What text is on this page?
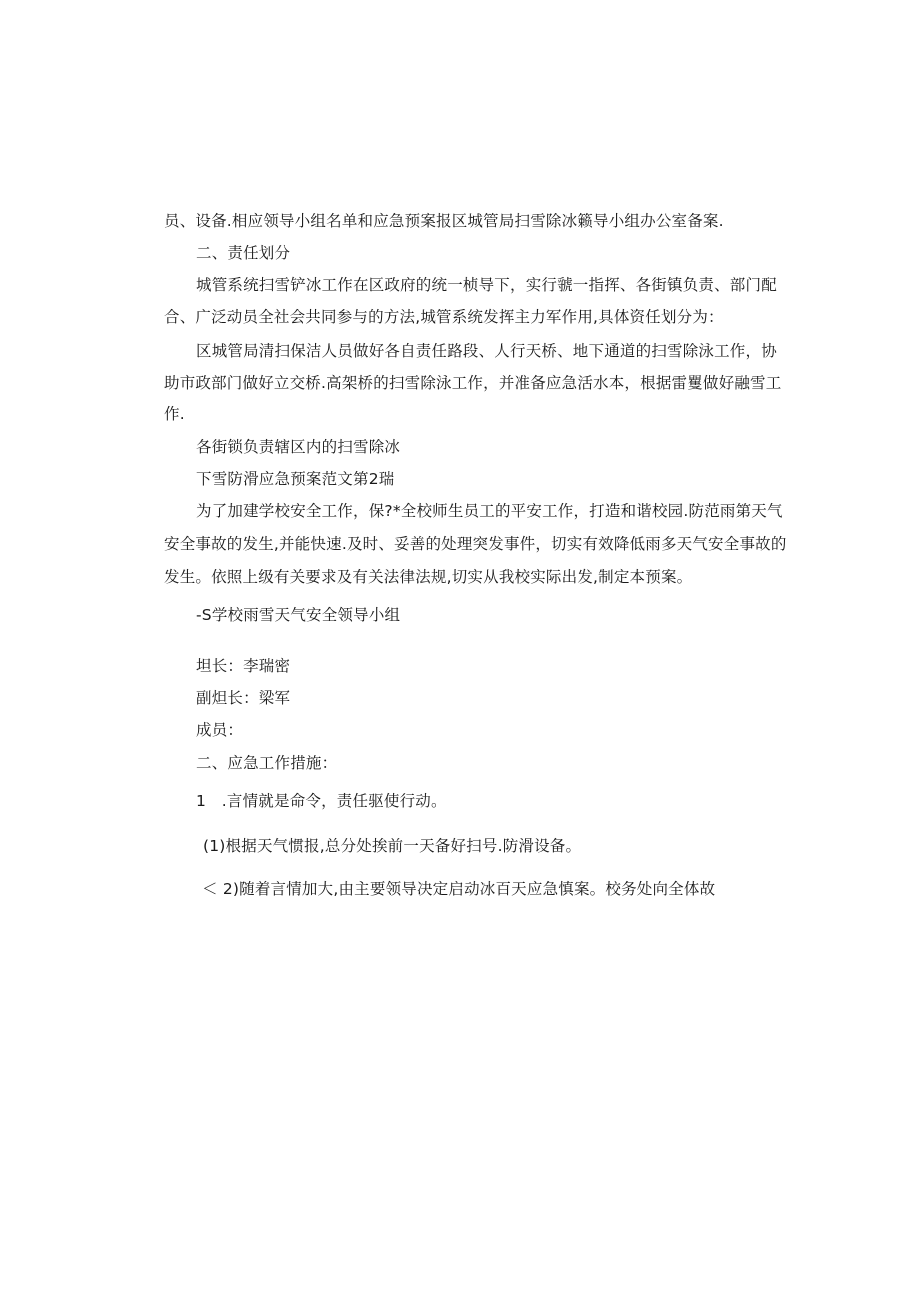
员、设备.相应领导小组名单和应急预案报区城管局扫雪除冰籁导小组办公室备案.
二、责任划分
城管系统扫雪铲冰工作在区政府的统一桢导下，实行虢一指挥、各街镇负责、部门配
合、广泛动员全社会共同参与的方法,城管系统发挥主力军作用,具体资任划分为：
区城管局清扫保洁人员做好各自责任路段、人行天桥、地下通道的扫雪除泳工作，协
助市政部门做好立交桥.高架桥的扫雪除泳工作，并准备应急活水本，根据雷矍做好融雪工
作.
各街锁负责辖区内的扫雪除冰
下雪防滑应急预案范文第2瑞
为了加建学校安全工作，保?*全校师生员工的平安工作，打造和谐校园.防范雨第天气
安全事故的发生,并能快速.及时、妥善的处理突发事件，切实有效降低雨多天气安全事故的
发生。依照上级有关要求及有关法律法规,切实从我校实际出发,制定本预案。
-S学校雨雪天气安全领导小组
坦长：李瑞密
副炟长：梁军
成员：
二、应急工作措施：
1　.言情就是命令，责任驱使行动。
(1)根据天气惯报,总分处挨前一天备好扫号.防滑设备。
＜ 2)随着言情加大,由主要领导决定启动冰百天应急慎案。校务处向全体故
